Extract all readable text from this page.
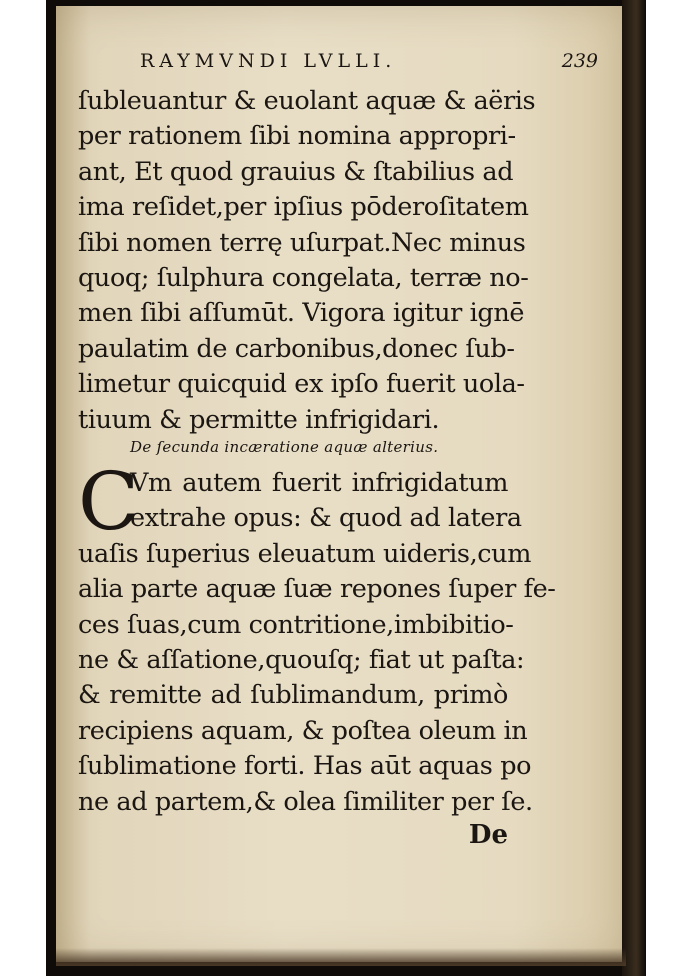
RAYMVNDI LVLLI.	239
ſubleuantur & euolant aquæ & aëris
per rationem ſibi nomina appropri-
ant, Et quod grauius & ſtabilius ad
ima reſidet,per ipſius pōderoſitatem
ſibi nomen terrę uſurpat.Nec minus
quoq; ſulphura congelata, terræ no-
men ſibi aſſumūt. Vigora igitur ignē
paulatim de carbonibus,donec ſub-
limetur quicquid ex ipſo fuerit uola-
tiuum & permitte infrigidari.
De ſecunda incæratione aquæ alterius.
C
Vm autem fuerit infrigidatum
extrahe opus: & quod ad latera
uaſis ſuperius eleuatum uideris,cum
alia parte aquæ ſuæ repones ſuper fe-
ces ſuas,cum contritione,imbibitio-
ne & aſſatione,quouſq; fiat ut paſta:
& remitte ad ſublimandum, primò
recipiens aquam, & poſtea oleum in
ſublimatione forti. Has aūt aquas po
ne ad partem,& olea ſimiliter per ſe.
De
